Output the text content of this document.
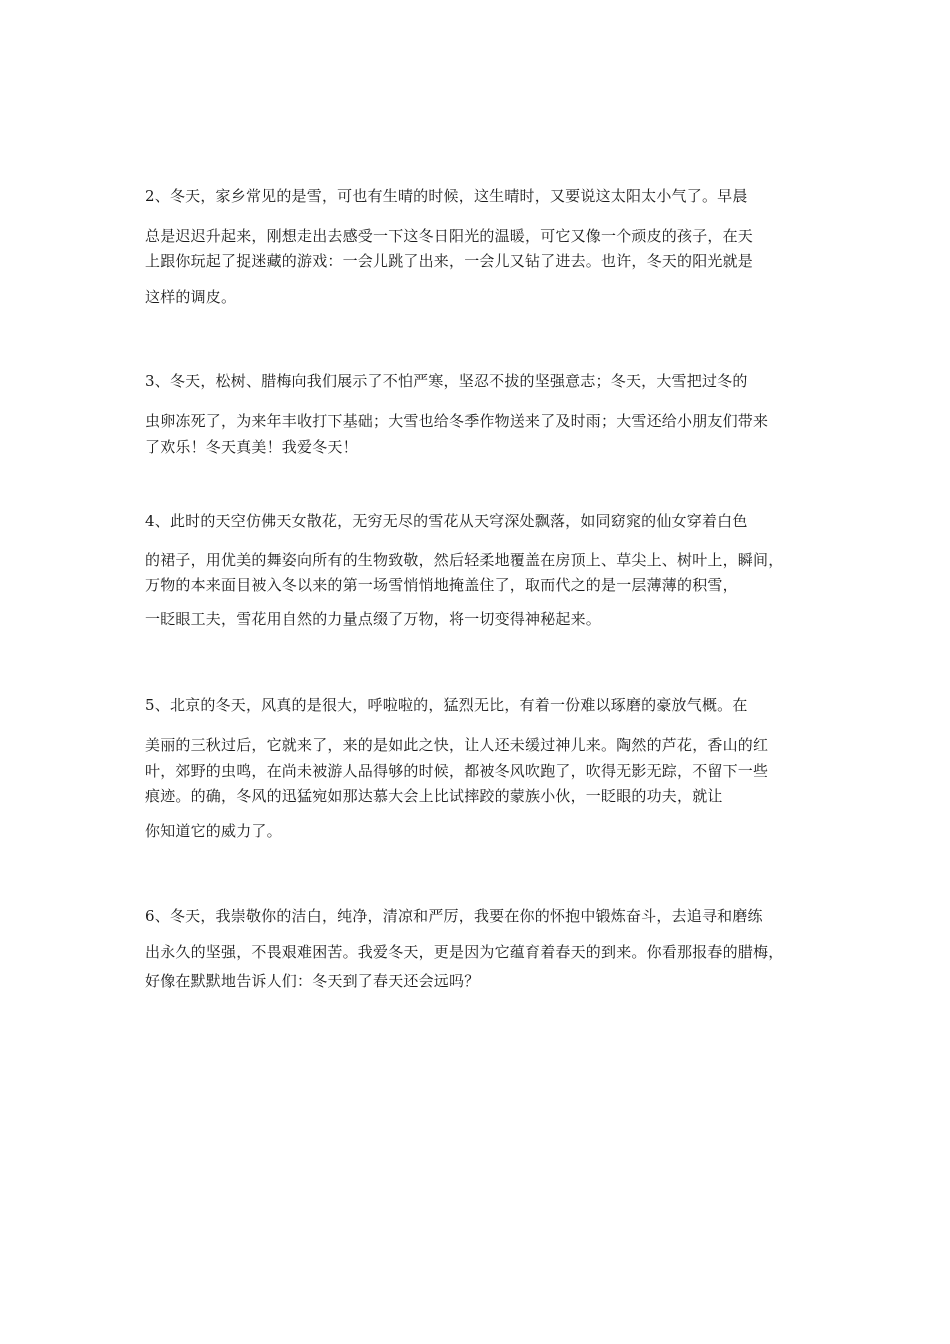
2、冬天，家乡常见的是雪，可也有生晴的时候，这生晴时，又要说这太阳太小气了。早晨
总是迟迟升起来，刚想走出去感受一下这冬日阳光的温暖，可它又像一个顽皮的孩子，在天
上跟你玩起了捉迷藏的游戏：一会儿跳了出来，一会儿又钻了进去。也许，冬天的阳光就是
这样的调皮。
3、冬天，松树、腊梅向我们展示了不怕严寒，坚忍不拔的坚强意志；冬天，大雪把过冬的
虫卵冻死了，为来年丰收打下基础；大雪也给冬季作物送来了及时雨；大雪还给小朋友们带来
了欢乐！冬天真美！我爱冬天！
4、此时的天空仿佛天女散花，无穷无尽的雪花从天穹深处飘落，如同窈窕的仙女穿着白色
的裙子，用优美的舞姿向所有的生物致敬，然后轻柔地覆盖在房顶上、草尖上、树叶上，瞬间，
万物的本来面目被入冬以来的第一场雪悄悄地掩盖住了，取而代之的是一层薄薄的积雪，
一眨眼工夫，雪花用自然的力量点缀了万物，将一切变得神秘起来。
5、北京的冬天，风真的是很大，呼啦啦的，猛烈无比，有着一份难以琢磨的豪放气概。在
美丽的三秋过后，它就来了，来的是如此之快，让人还未缓过神儿来。陶然的芦花，香山的红
叶，郊野的虫鸣，在尚未被游人品得够的时候，都被冬风吹跑了，吹得无影无踪，不留下一些
痕迹。的确，冬风的迅猛宛如那达慕大会上比试摔跤的蒙族小伙，一眨眼的功夫，就让
你知道它的威力了。
6、冬天，我崇敬你的洁白，纯净，清凉和严厉，我要在你的怀抱中锻炼奋斗，去追寻和磨练
出永久的坚强，不畏艰难困苦。我爱冬天，更是因为它蕴育着春天的到来。你看那报春的腊梅，
好像在默默地告诉人们：冬天到了春天还会远吗？
